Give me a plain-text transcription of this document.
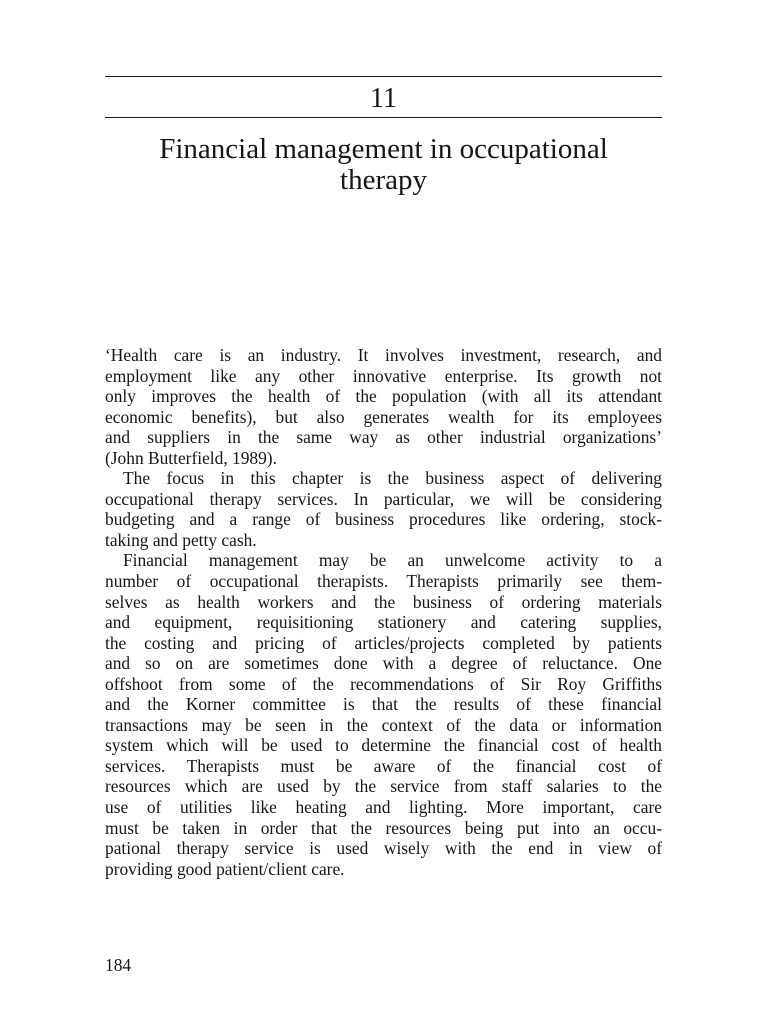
11
Financial management in occupational
therapy
‘Health care is an industry. It involves investment, research, and
employment like any other innovative enterprise. Its growth not
only improves the health of the population (with all its attendant
economic benefits), but also generates wealth for its employees
and suppliers in the same way as other industrial organizations’
(John Butterfield, 1989).
The focus in this chapter is the business aspect of delivering
occupational therapy services. In particular, we will be considering
budgeting and a range of business procedures like ordering, stock-
taking and petty cash.
Financial management may be an unwelcome activity to a
number of occupational therapists. Therapists primarily see them-
selves as health workers and the business of ordering materials
and equipment, requisitioning stationery and catering supplies,
the costing and pricing of articles/projects completed by patients
and so on are sometimes done with a degree of reluctance. One
offshoot from some of the recommendations of Sir Roy Griffiths
and the Korner committee is that the results of these financial
transactions may be seen in the context of the data or information
system which will be used to determine the financial cost of health
services. Therapists must be aware of the financial cost of
resources which are used by the service from staff salaries to the
use of utilities like heating and lighting. More important, care
must be taken in order that the resources being put into an occu-
pational therapy service is used wisely with the end in view of
providing good patient/client care.
184
